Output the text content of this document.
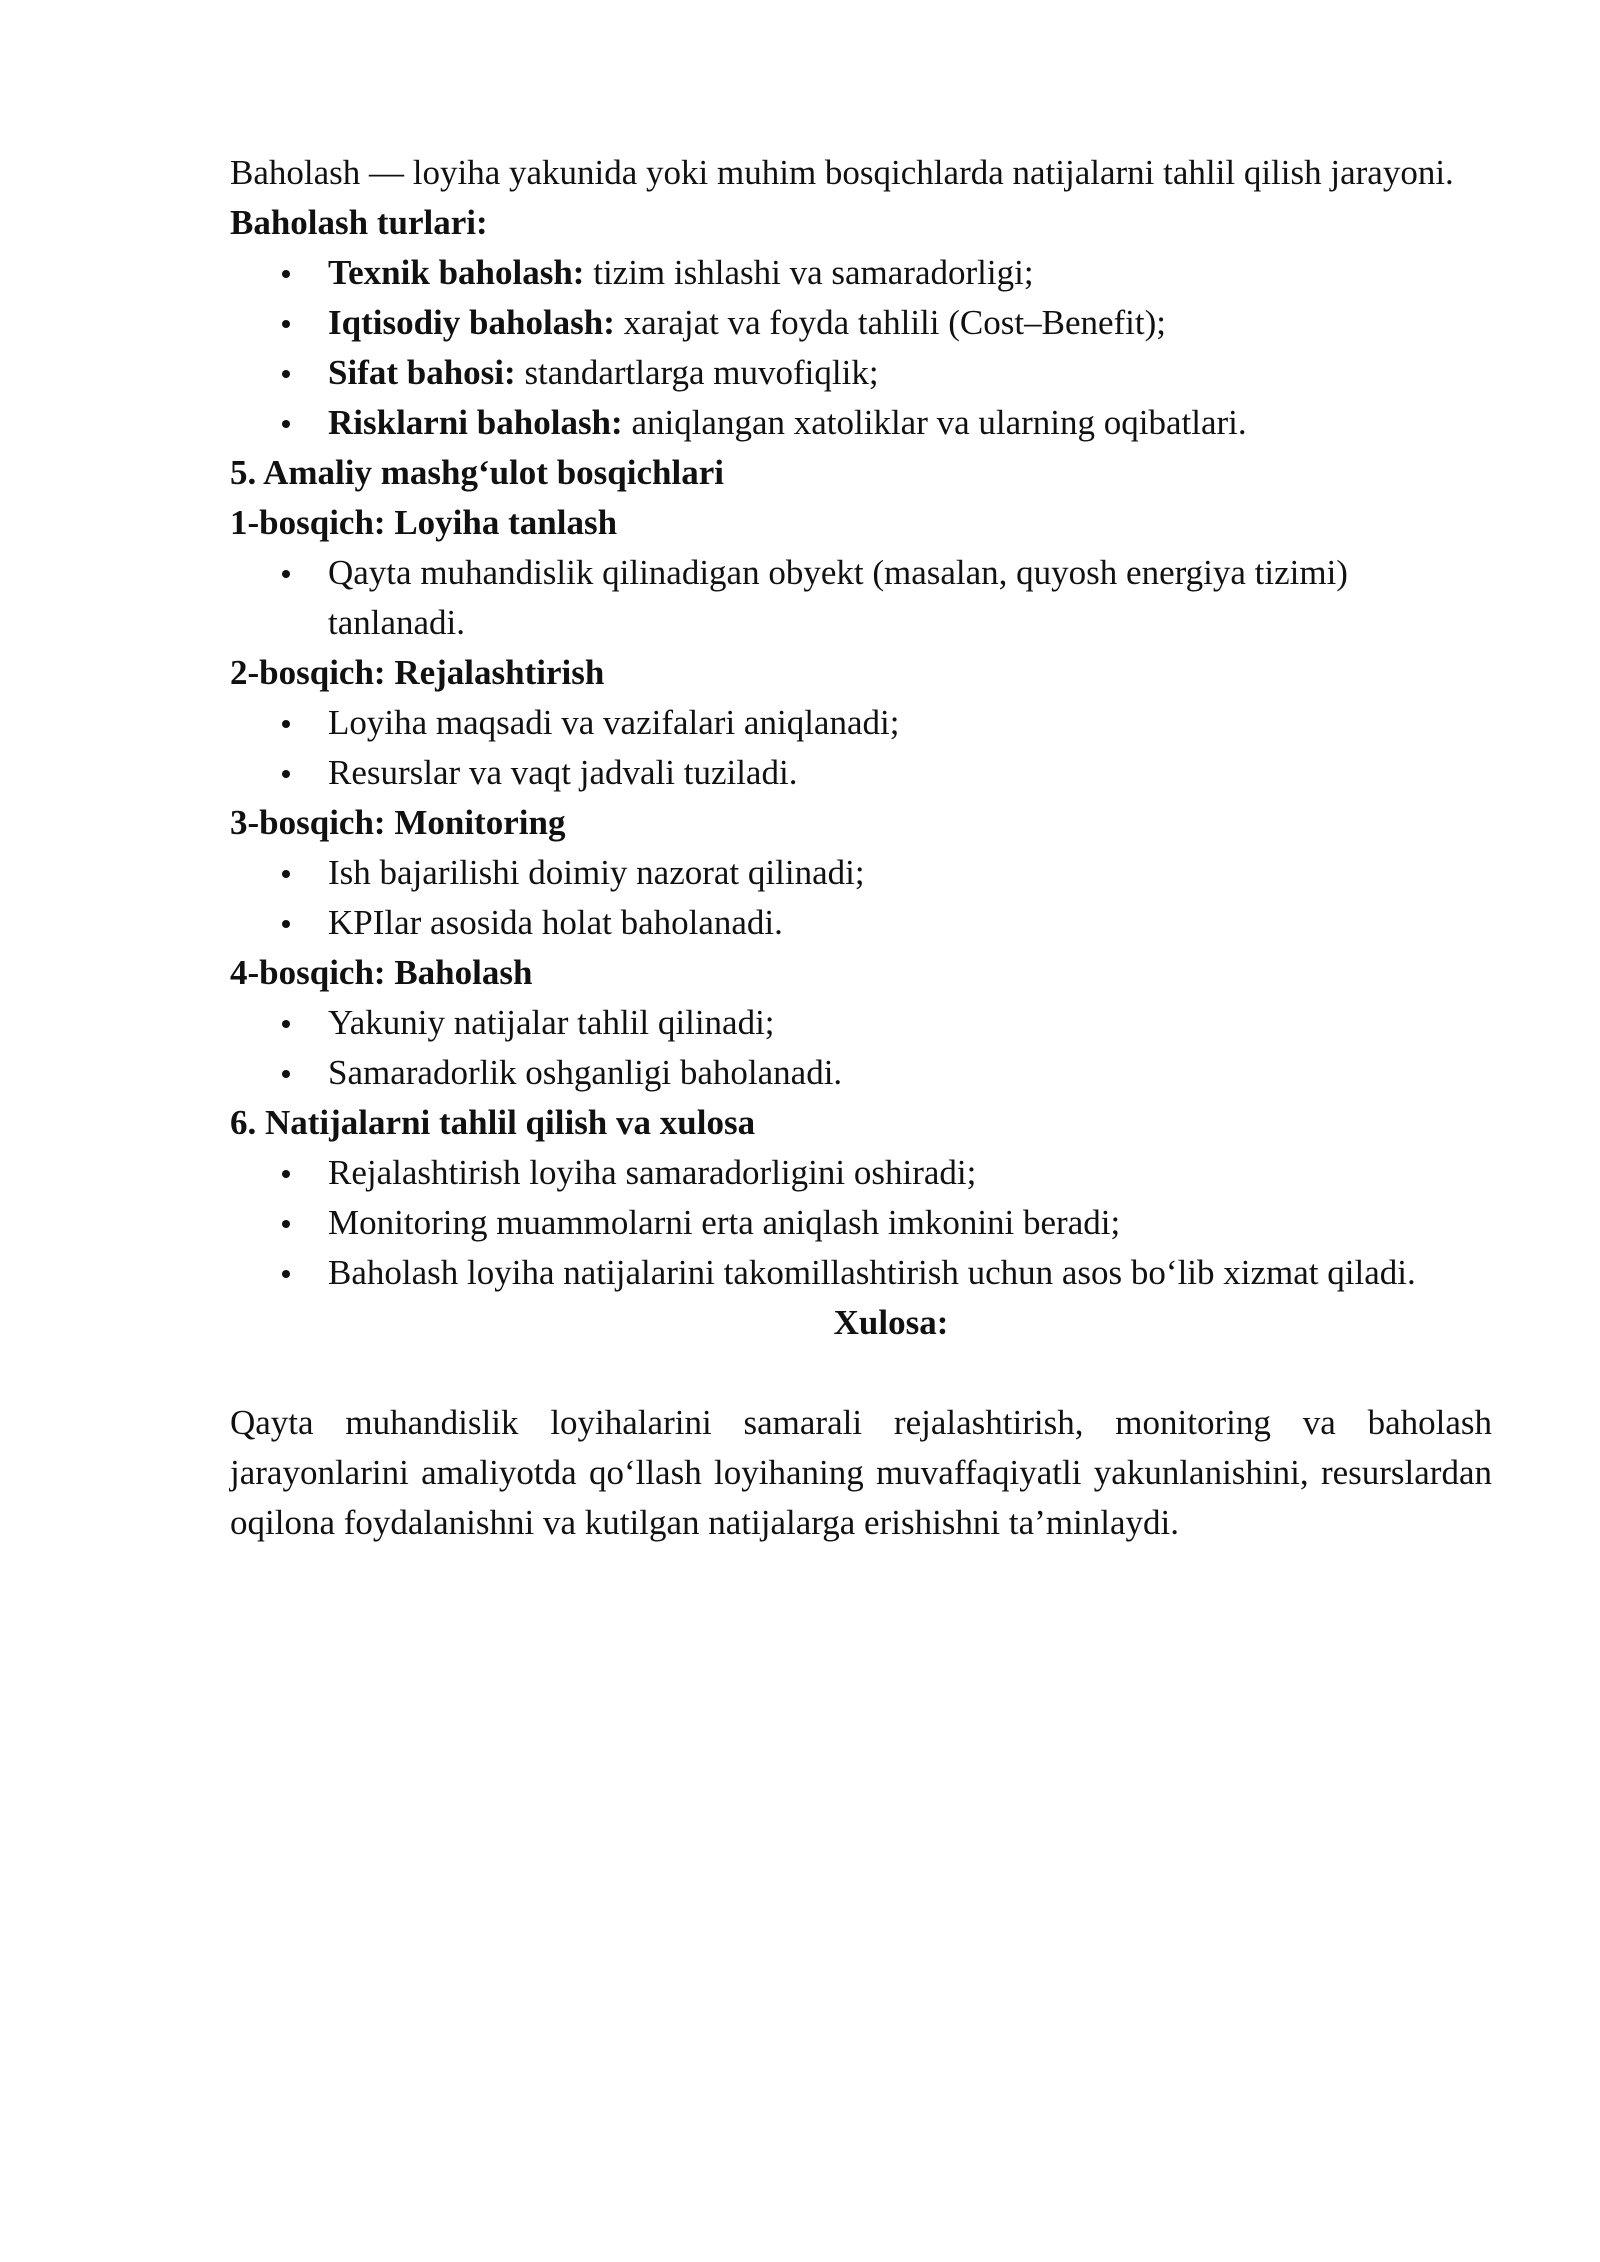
Baholash — loyiha yakunida yoki muhim bosqichlarda natijalarni tahlil qilish jarayoni.

Baholash turlari:

Texnik baholash: tizim ishlashi va samaradorligi;
Iqtisodiy baholash: xarajat va foyda tahlili (Cost–Benefit);
Sifat bahosi: standartlarga muvofiqlik;
Risklarni baholash: aniqlangan xatoliklar va ularning oqibatlari.

5. Amaliy mashg‘ulot bosqichlari

1-bosqich: Loyiha tanlash

Qayta muhandislik qilinadigan obyekt (masalan, quyosh energiya tizimi) tanlanadi.

2-bosqich: Rejalashtirish

Loyiha maqsadi va vazifalari aniqlanadi;
Resurslar va vaqt jadvali tuziladi.

3-bosqich: Monitoring

Ish bajarilishi doimiy nazorat qilinadi;
KPIlar asosida holat baholanadi.

4-bosqich: Baholash

Yakuniy natijalar tahlil qilinadi;
Samaradorlik oshganligi baholanadi.

6. Natijalarni tahlil qilish va xulosa

Rejalashtirish loyiha samaradorligini oshiradi;
Monitoring muammolarni erta aniqlash imkonini beradi;
Baholash loyiha natijalarini takomillashtirish uchun asos bo‘lib xizmat qiladi.

Xulosa:

Qayta muhandislik loyihalarini samarali rejalashtirish, monitoring va baholash jarayonlarini amaliyotda qo‘llash loyihaning muvaffaqiyatli yakunlanishini, resurslardan oqilona foydalanishni va kutilgan natijalarga erishishni ta’minlaydi.
